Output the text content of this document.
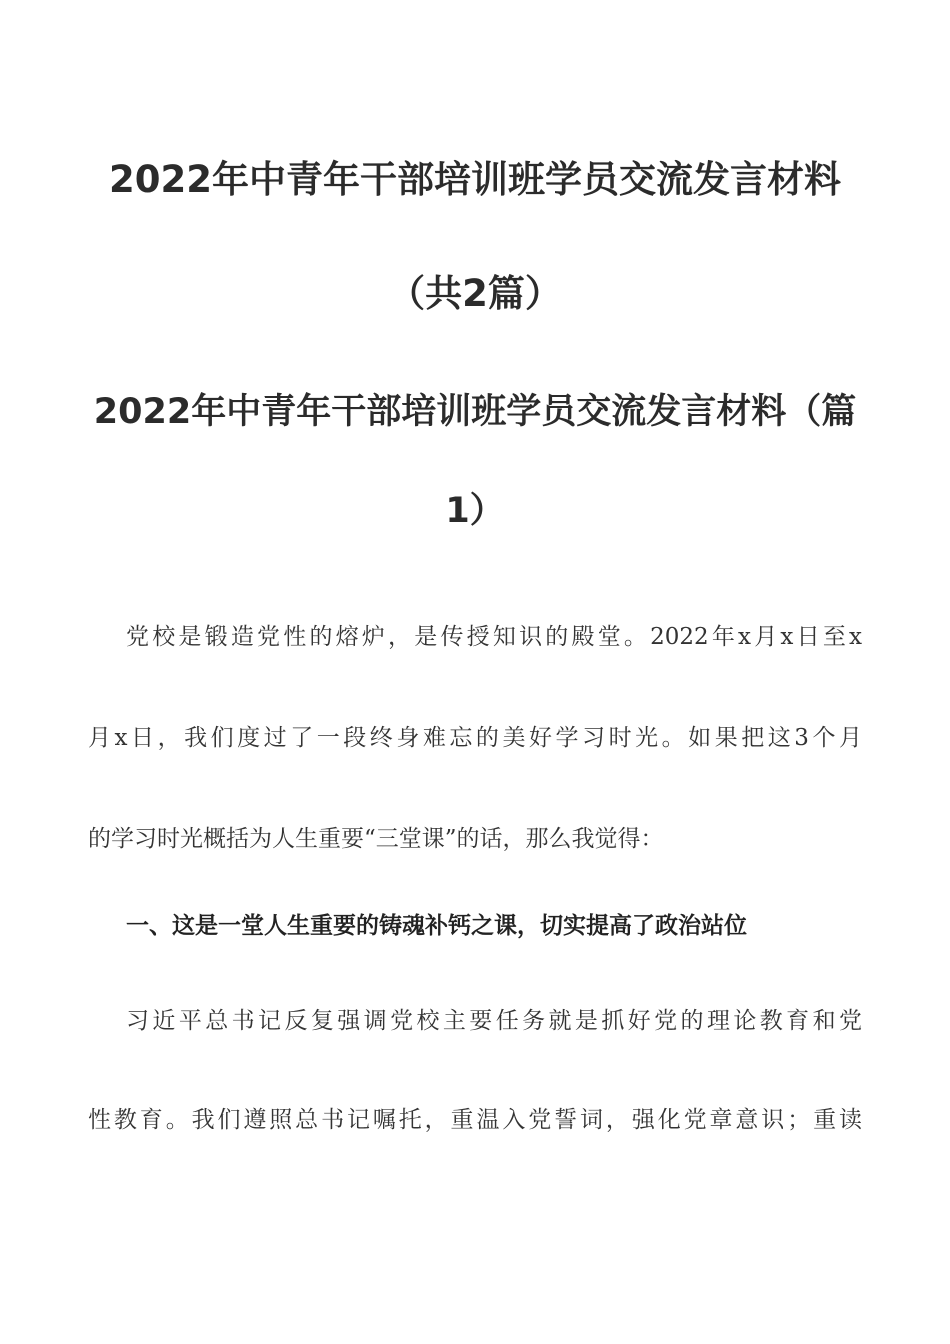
2022年中青年干部培训班学员交流发言材料
（共2篇）
2022年中青年干部培训班学员交流发言材料（篇
1）
党校是锻造党性的熔炉，是传授知识的殿堂。2022年x月x日至x
月x日，我们度过了一段终身难忘的美好学习时光。如果把这3个月
的学习时光概括为人生重要“三堂课”的话，那么我觉得：
一、这是一堂人生重要的铸魂补钙之课，切实提高了政治站位
习近平总书记反复强调党校主要任务就是抓好党的理论教育和党
性教育。我们遵照总书记嘱托，重温入党誓词，强化党章意识；重读
